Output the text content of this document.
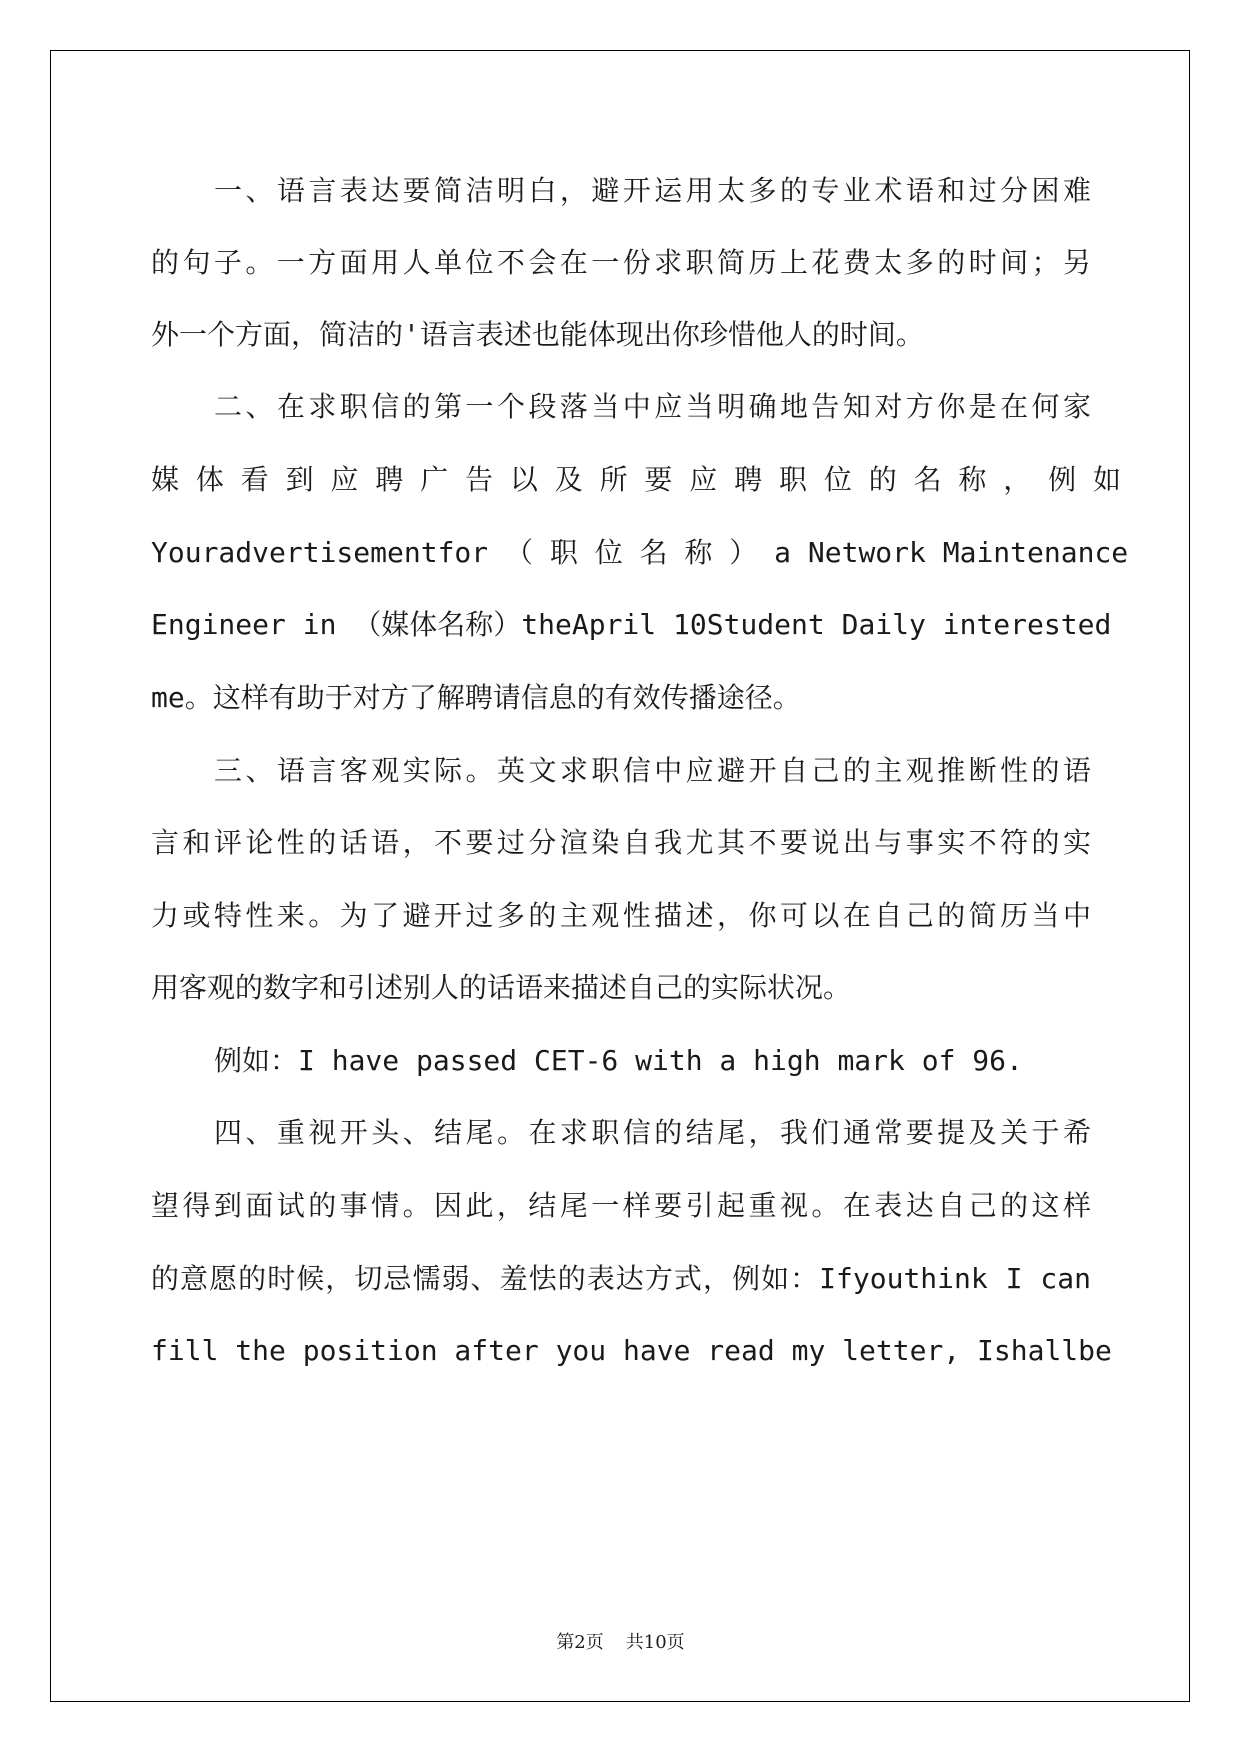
一、语言表达要简洁明白，避开运用太多的专业术语和过分困难
的句子。一方面用人单位不会在一份求职简历上花费太多的时间；另
外一个方面，简洁的'语言表述也能体现出你珍惜他人的时间。
二、在求职信的第一个段落当中应当明确地告知对方你是在何家
媒 体 看 到 应 聘 广 告 以 及 所 要 应 聘 职 位 的 名 称 ， 例 如
Youradvertisementfor （ 职 位 名 称 ） a Network Maintenance
Engineer in （媒体名称）theApril 10Student Daily interested
me。这样有助于对方了解聘请信息的有效传播途径。
三、语言客观实际。英文求职信中应避开自己的主观推断性的语
言和评论性的话语，不要过分渲染自我尤其不要说出与事实不符的实
力或特性来。为了避开过多的主观性描述，你可以在自己的简历当中
用客观的数字和引述别人的话语来描述自己的实际状况。
例如：I have passed CET-6 with a high mark of 96.
四、重视开头、结尾。在求职信的结尾，我们通常要提及关于希
望得到面试的事情。因此，结尾一样要引起重视。在表达自己的这样
的意愿的时候，切忌懦弱、羞怯的表达方式，例如：Ifyouthink I can
fill the position after you have read my letter, Ishallbe
第2页 共10页
